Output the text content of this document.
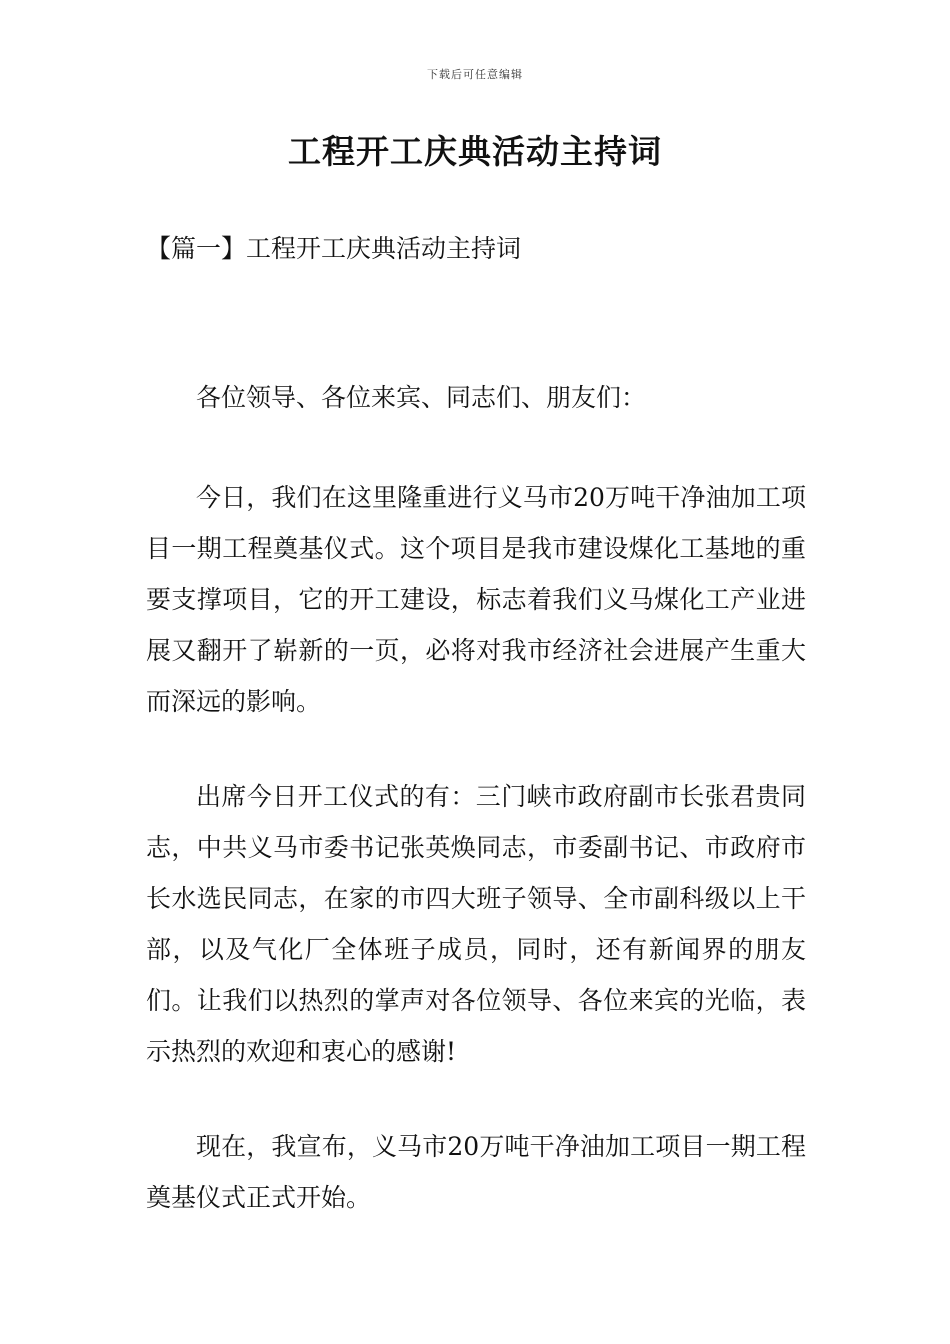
下载后可任意编辑
工程开工庆典活动主持词
【篇一】工程开工庆典活动主持词
各位领导、各位来宾、同志们、朋友们：
今日，我们在这里隆重进行义马市20万吨干净油加工项目一期工程奠基仪式。这个项目是我市建设煤化工基地的重要支撑项目，它的开工建设，标志着我们义马煤化工产业进展又翻开了崭新的一页，必将对我市经济社会进展产生重大而深远的影响。
出席今日开工仪式的有：三门峡市政府副市长张君贵同志，中共义马市委书记张英焕同志，市委副书记、市政府市长水选民同志，在家的市四大班子领导、全市副科级以上干部，以及气化厂全体班子成员，同时，还有新闻界的朋友们。让我们以热烈的掌声对各位领导、各位来宾的光临，表示热烈的欢迎和衷心的感谢!
现在，我宣布，义马市20万吨干净油加工项目一期工程奠基仪式正式开始。
